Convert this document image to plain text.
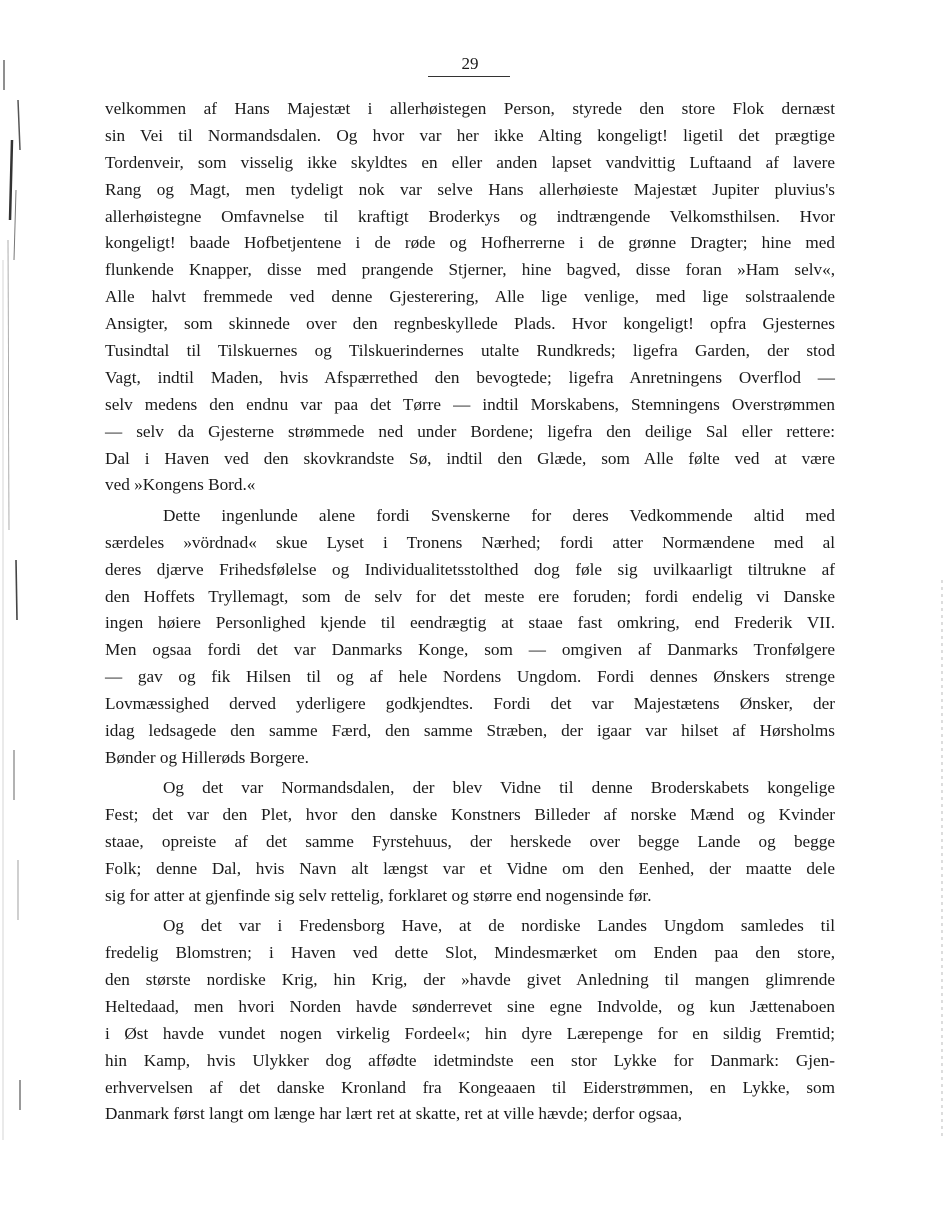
29
velkommen af Hans Majestæt i allerhøistegen Person, styrede den store Flok dernæst
sin Vei til Normandsdalen. Og hvor var her ikke Alting kongeligt! ligetil det prægtige
Tordenveir, som visselig ikke skyldtes en eller anden lapset vandvittig Luftaand af lavere
Rang og Magt, men tydeligt nok var selve Hans allerhøieste Majestæt Jupiter pluvius's
allerhøistegne Omfavnelse til kraftigt Broderkys og indtrængende Velkomsthilsen. Hvor
kongeligt! baade Hofbetjentene i de røde og Hofherrerne i de grønne Dragter; hine med
flunkende Knapper, disse med prangende Stjerner, hine bagved, disse foran »Ham selv«,
Alle halvt fremmede ved denne Gjesterering, Alle lige venlige, med lige solstraalende
Ansigter, som skinnede over den regnbeskyllede Plads. Hvor kongeligt! opfra Gjesternes
Tusindtal til Tilskuernes og Tilskuerindernes utalte Rundkreds; ligefra Garden, der stod
Vagt, indtil Maden, hvis Afspærrethed den bevogtede; ligefra Anretningens Overflod —
selv medens den endnu var paa det Tørre — indtil Morskabens, Stemningens Overstrømmen
— selv da Gjesterne strømmede ned under Bordene; ligefra den deilige Sal eller rettere:
Dal i Haven ved den skovkrandste Sø, indtil den Glæde, som Alle følte ved at være
ved »Kongens Bord.«
Dette ingenlunde alene fordi Svenskerne for deres Vedkommende altid med
særdeles »vördnad« skue Lyset i Tronens Nærhed; fordi atter Normændene med al
deres djærve Frihedsfølelse og Individualitetsstolthed dog føle sig uvilkaarligt tiltrukne af
den Hoffets Tryllemagt, som de selv for det meste ere foruden; fordi endelig vi Danske
ingen høiere Personlighed kjende til eendrægtig at staae fast omkring, end Frederik VII.
Men ogsaa fordi det var Danmarks Konge, som — omgiven af Danmarks Tronfølgere
— gav og fik Hilsen til og af hele Nordens Ungdom. Fordi dennes Ønskers strenge
Lovmæssighed derved yderligere godkjendtes. Fordi det var Majestætens Ønsker, der
idag ledsagede den samme Færd, den samme Stræben, der igaar var hilset af Hørsholms
Bønder og Hillerøds Borgere.
Og det var Normandsdalen, der blev Vidne til denne Broderskabets kongelige
Fest; det var den Plet, hvor den danske Konstners Billeder af norske Mænd og Kvinder
staae, opreiste af det samme Fyrstehuus, der herskede over begge Lande og begge
Folk; denne Dal, hvis Navn alt længst var et Vidne om den Eenhed, der maatte dele
sig for atter at gjenfinde sig selv rettelig, forklaret og større end nogensinde før.
Og det var i Fredensborg Have, at de nordiske Landes Ungdom samledes til
fredelig Blomstren; i Haven ved dette Slot, Mindesmærket om Enden paa den store,
den største nordiske Krig, hin Krig, der »havde givet Anledning til mangen glimrende
Heltedaad, men hvori Norden havde sønderrevet sine egne Indvolde, og kun Jættenaboen
i Øst havde vundet nogen virkelig Fordeel«; hin dyre Lærepenge for en sildig Fremtid;
hin Kamp, hvis Ulykker dog affødte idetmindste een stor Lykke for Danmark: Gjen-
erhvervelsen af det danske Kronland fra Kongeaaen til Eiderstrømmen, en Lykke, som
Danmark først langt om længe har lært ret at skatte, ret at ville hævde; derfor ogsaa,
